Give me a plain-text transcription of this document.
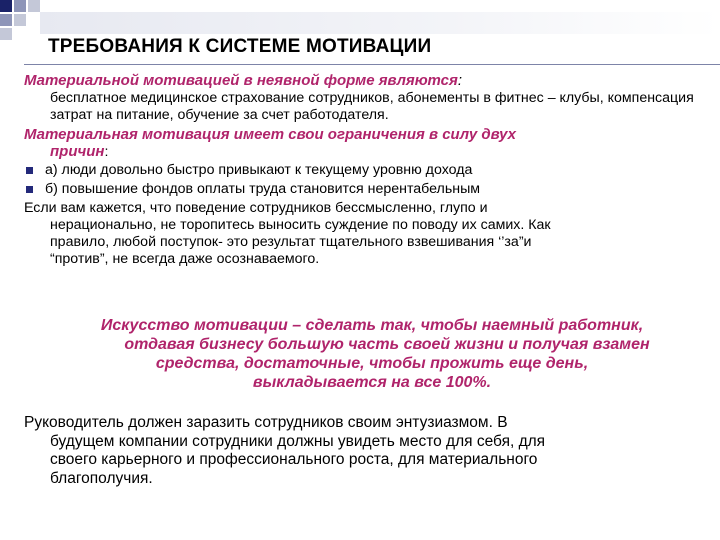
ТРЕБОВАНИЯ К СИСТЕМЕ МОТИВАЦИИ

Материальной мотивацией в неявной форме являются:
бесплатное медицинское страхование сотрудников, абонементы в фитнес – клубы, компенсация затрат на питание, обучение за счет работодателя.

Материальная мотивация имеет свои ограничения в силу двух
причин:

а) люди довольно быстро привыкают к текущему уровню дохода
б) повышение фондов оплаты труда становится нерентабельным

Если вам кажется, что поведение сотрудников бессмысленно, глупо и
нерационально, не торопитесь выносить суждение по поводу их самих. Как
правило, любой поступок- это результат тщательного взвешивания ‘’за”и
“против”, не всегда даже осознаваемого.

Искусство мотивации – сделать так, чтобы наемный работник,
отдавая бизнесу большую часть своей жизни и получая взамен
средства, достаточные, чтобы прожить еще день,
выкладывается на все 100%.

Руководитель должен заразить сотрудников своим энтузиазмом. В
будущем компании сотрудники должны увидеть место для себя, для
своего карьерного и профессионального роста, для материального
благополучия.
